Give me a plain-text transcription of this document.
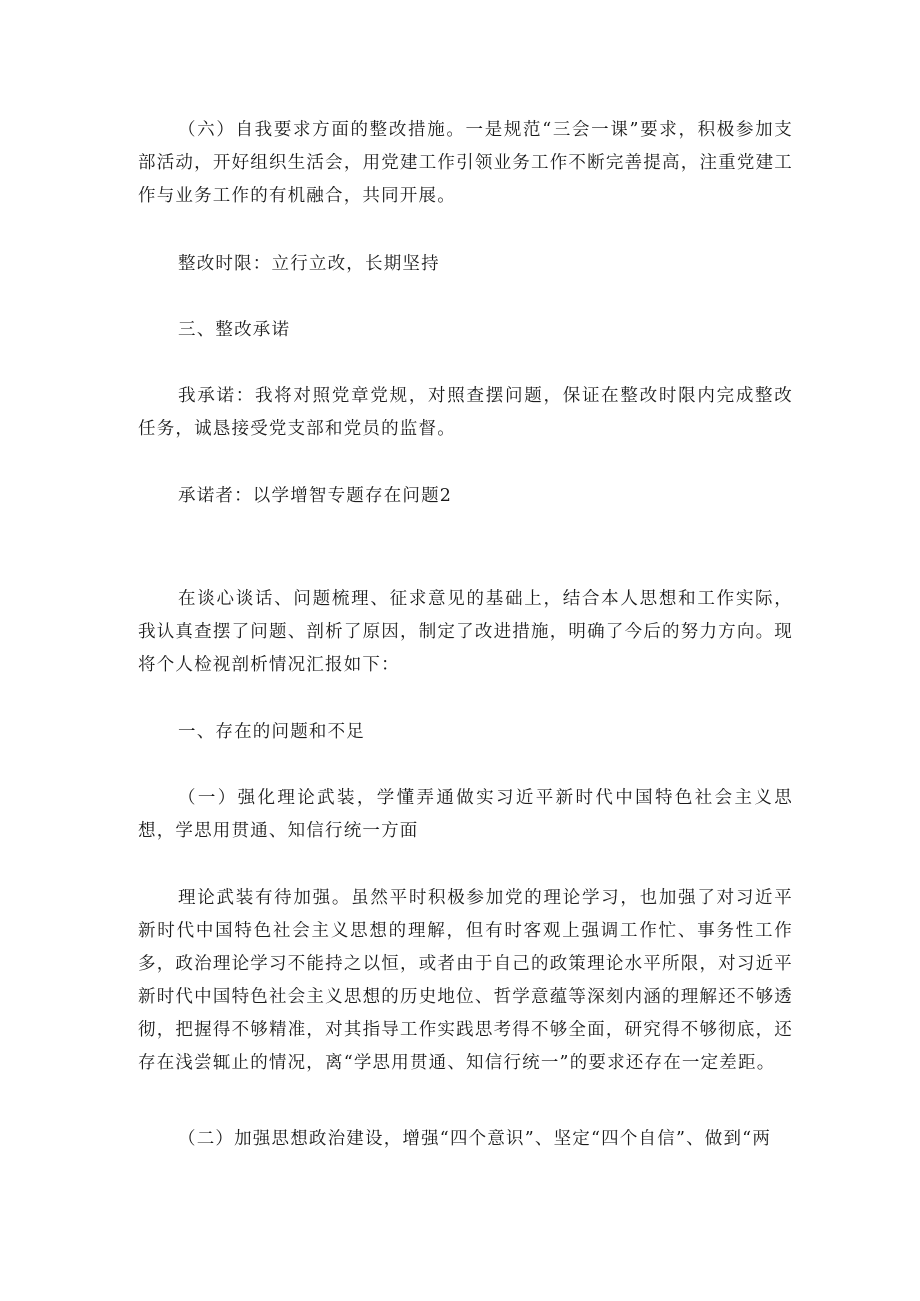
（六）自我要求方面的整改措施。一是规范“三会一课”要求，积极参加支部活动，开好组织生活会，用党建工作引领业务工作不断完善提高，注重党建工作与业务工作的有机融合，共同开展。

整改时限：立行立改，长期坚持

三、整改承诺

我承诺：我将对照党章党规，对照查摆问题，保证在整改时限内完成整改任务，诚恳接受党支部和党员的监督。

承诺者：以学增智专题存在问题2

在谈心谈话、问题梳理、征求意见的基础上，结合本人思想和工作实际，我认真查摆了问题、剖析了原因，制定了改进措施，明确了今后的努力方向。现将个人检视剖析情况汇报如下：

一、存在的问题和不足

（一）强化理论武装，学懂弄通做实习近平新时代中国特色社会主义思想，学思用贯通、知信行统一方面

理论武装有待加强。虽然平时积极参加党的理论学习，也加强了对习近平新时代中国特色社会主义思想的理解，但有时客观上强调工作忙、事务性工作多，政治理论学习不能持之以恒，或者由于自己的政策理论水平所限，对习近平新时代中国特色社会主义思想的历史地位、哲学意蕴等深刻内涵的理解还不够透彻，把握得不够精准，对其指导工作实践思考得不够全面，研究得不够彻底，还存在浅尝辄止的情况，离“学思用贯通、知信行统一”的要求还存在一定差距。

（二）加强思想政治建设，增强“四个意识”、坚定“四个自信”、做到“两
